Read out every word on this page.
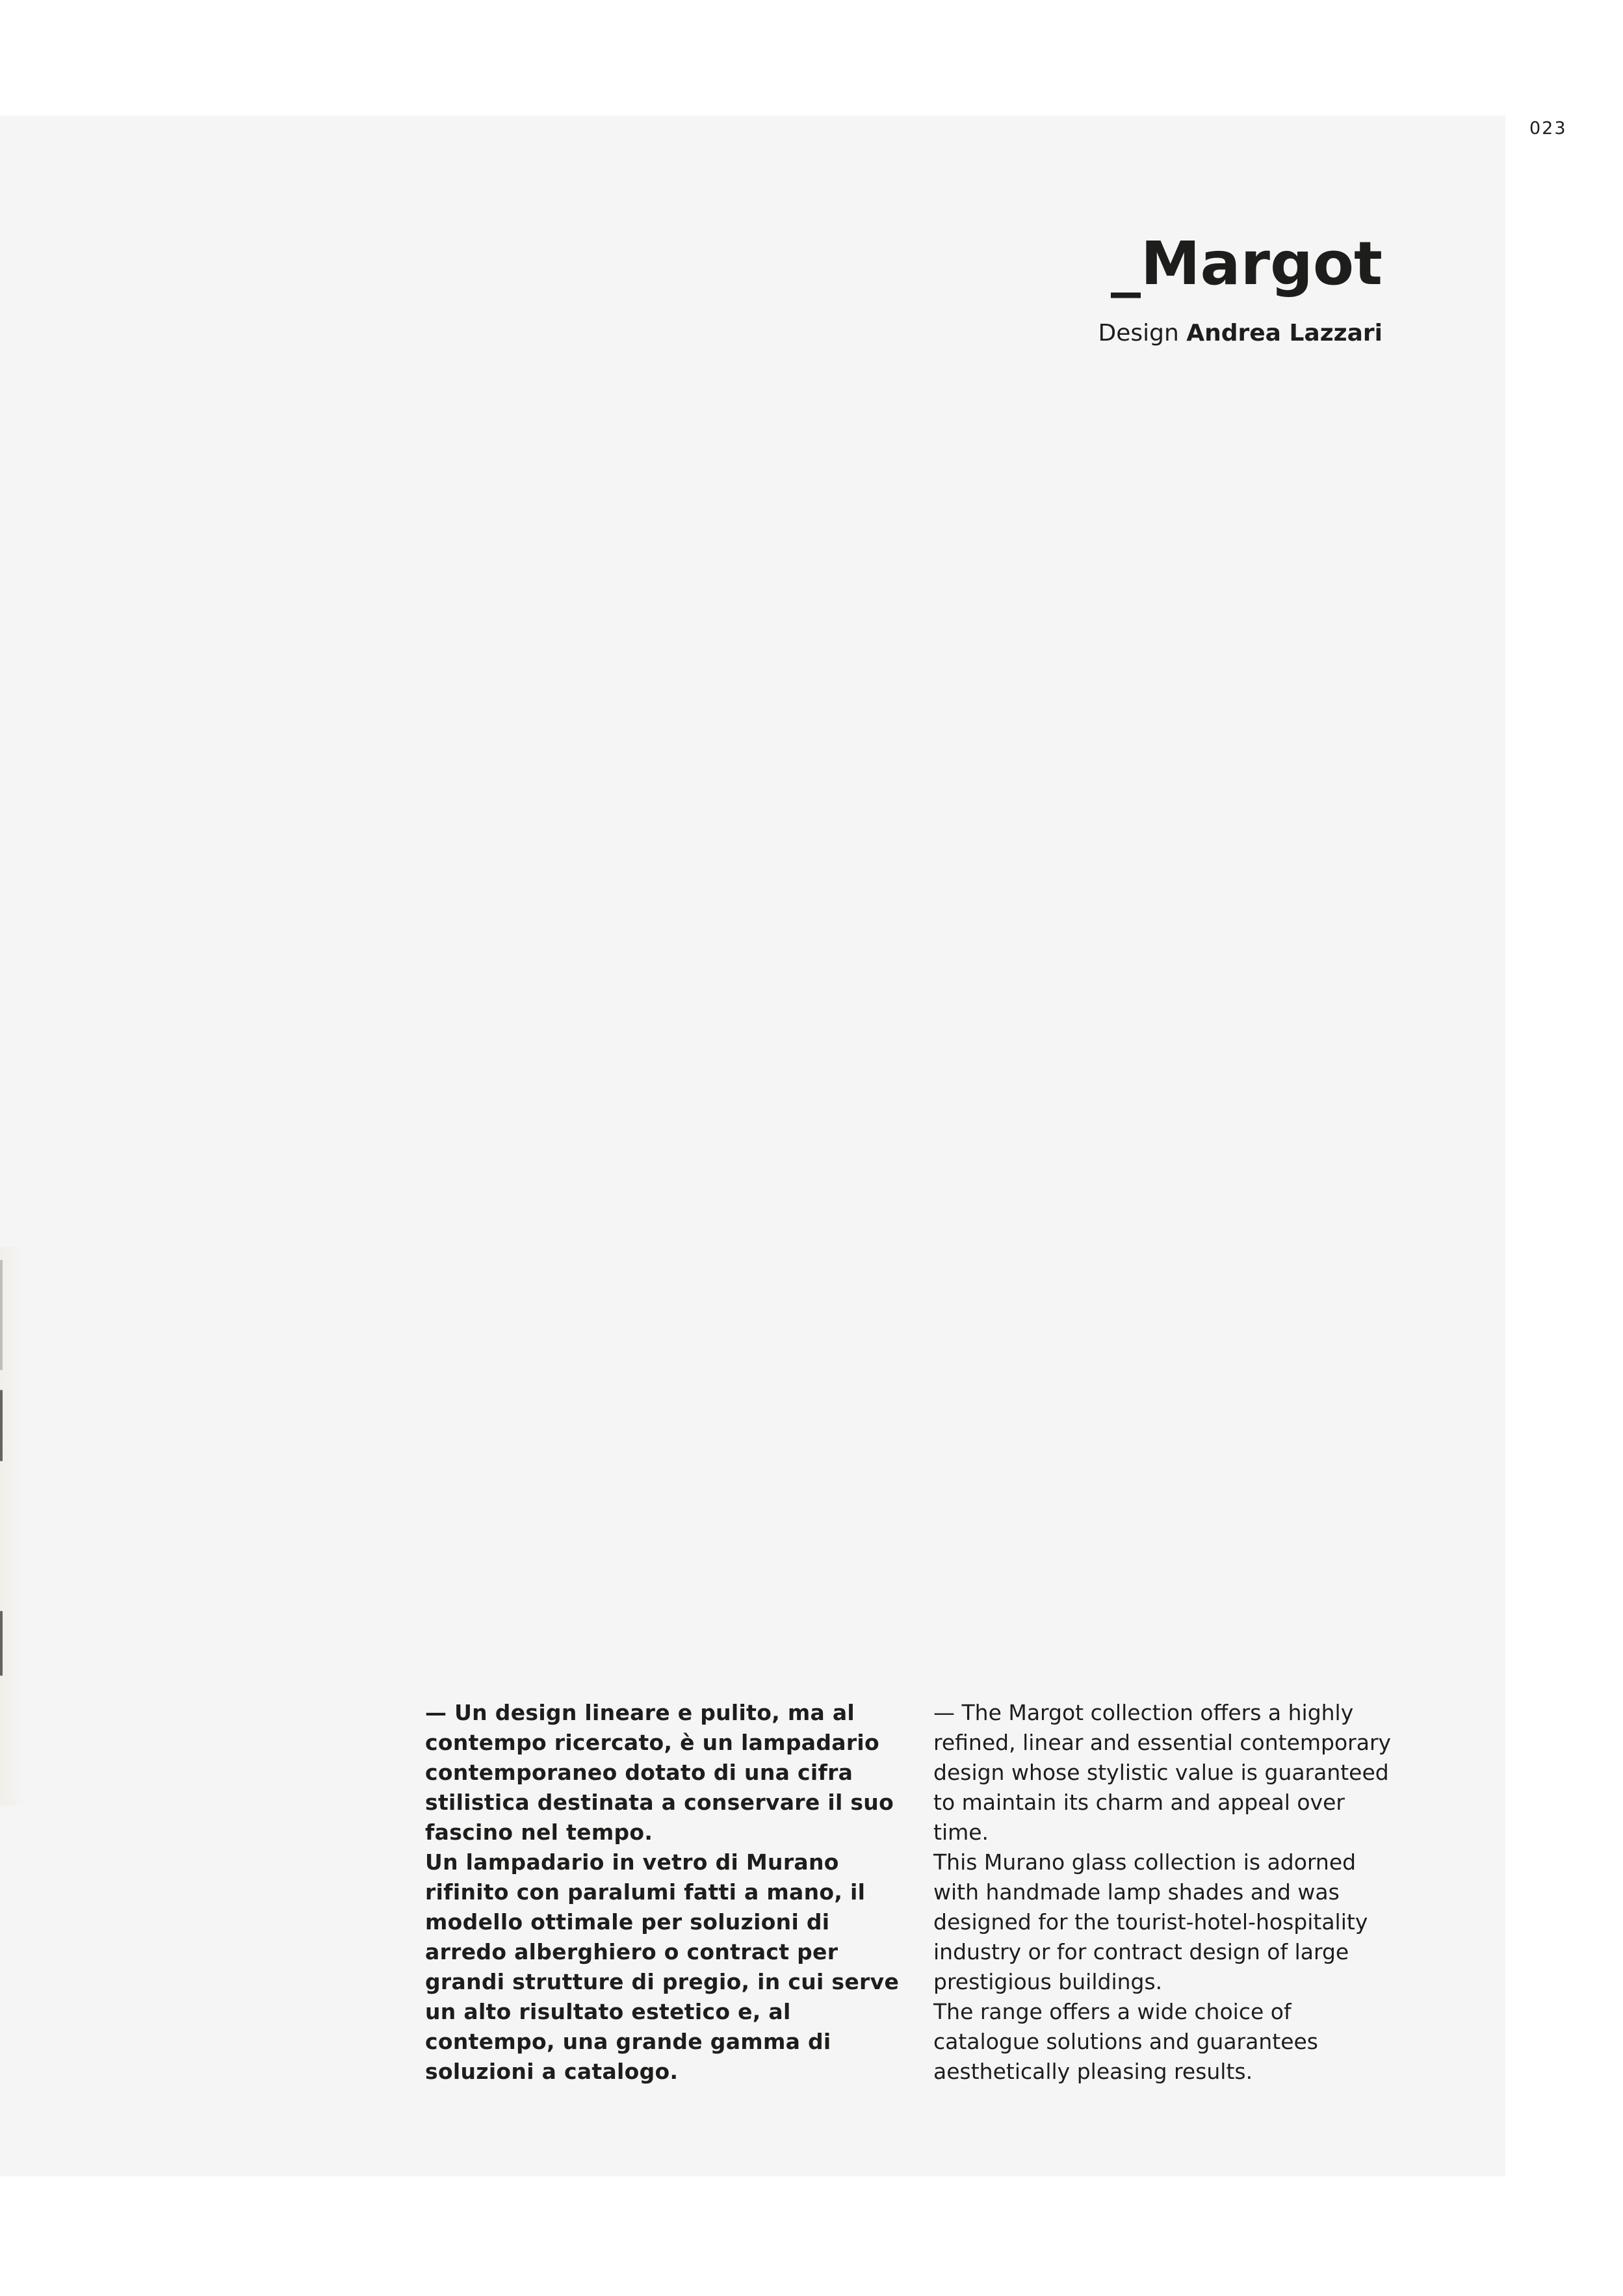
023
_Margot
Design Andrea Lazzari

— Un design lineare e pulito, ma al contempo ricercato, è un lampadario contemporaneo dotato di una cifra stilistica destinata a conservare il suo fascino nel tempo.

Un lampadario in vetro di Murano rifinito con paralumi fatti a mano, il modello ottimale per soluzioni di arredo alberghiero o contract per grandi strutture di pregio, in cui serve un alto risultato estetico e, al contempo, una grande gamma di soluzioni a catalogo.

— The Margot collection offers a highly refined, linear and essential contemporary design whose stylistic value is guaranteed to maintain its charm and appeal over time.

This Murano glass collection is adorned with handmade lamp shades and was designed for the tourist-hotel-hospitality industry or for contract design of large prestigious buildings.

The range offers a wide choice of catalogue solutions and guarantees aesthetically pleasing results.
